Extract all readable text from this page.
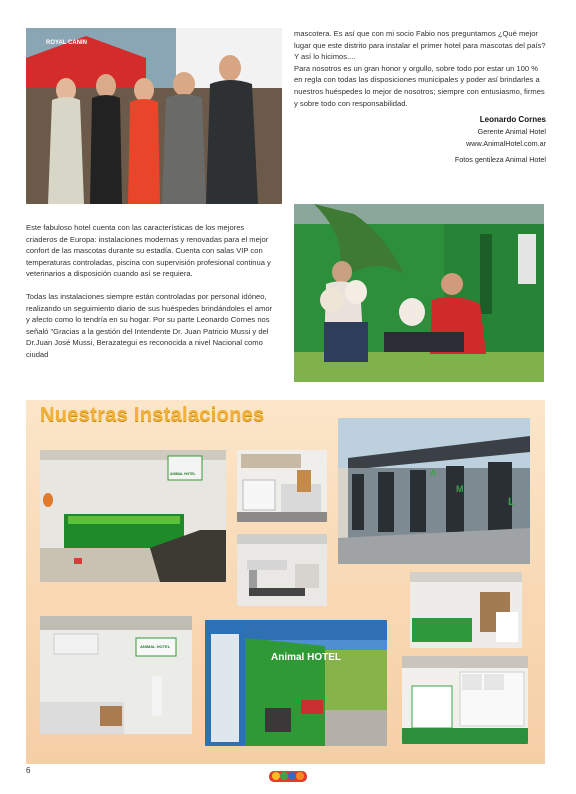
ROYAL CANIN

mascotera. Es así que con mi socio Fabio nos preguntamos ¿Qué mejor lugar que este distrito para instalar el primer hotel para mascotas del país? Y así lo hicimos....

Para nosotros es un gran honor y orgullo, sobre todo por estar un 100 % en regla con todas las disposiciones municipales y poder así brindarles a nuestros huéspedes lo mejor de nosotros; siempre con entusiasmo, firmes y sobre todo con responsabilidad.

Leonardo Cornes
Gerente Animal Hotel
www.AnimalHotel.com.ar
Fotos gentileza Animal Hotel

Este fabuloso hotel cuenta con las características de los mejores criaderos de Europa: instalaciones modernas y renovadas para el mejor confort de las mascotas durante su estadía. Cuenta con salas VIP con temperaturas controladas, piscina con supervisión profesional continua y veterinarios a disposición cuando así se requiera.

Todas las instalaciones siempre están controladas por personal idóneo, realizando un seguimiento diario de sus huéspedes brindándoles el amor y afecto como lo tendría en su hogar. Por su parte Leonardo Cornes nos señaló "Gracias a la gestión del Intendente Dr. Juan Patricio Mussi y del Dr.Juan José Mussi, Berazategui es reconocida a nivel Nacional como ciudad

Nuestras Instalaciones
ANIMAL HOTEL	A
M
L
ANIMAL HOTEL
Animal HOTEL
6
